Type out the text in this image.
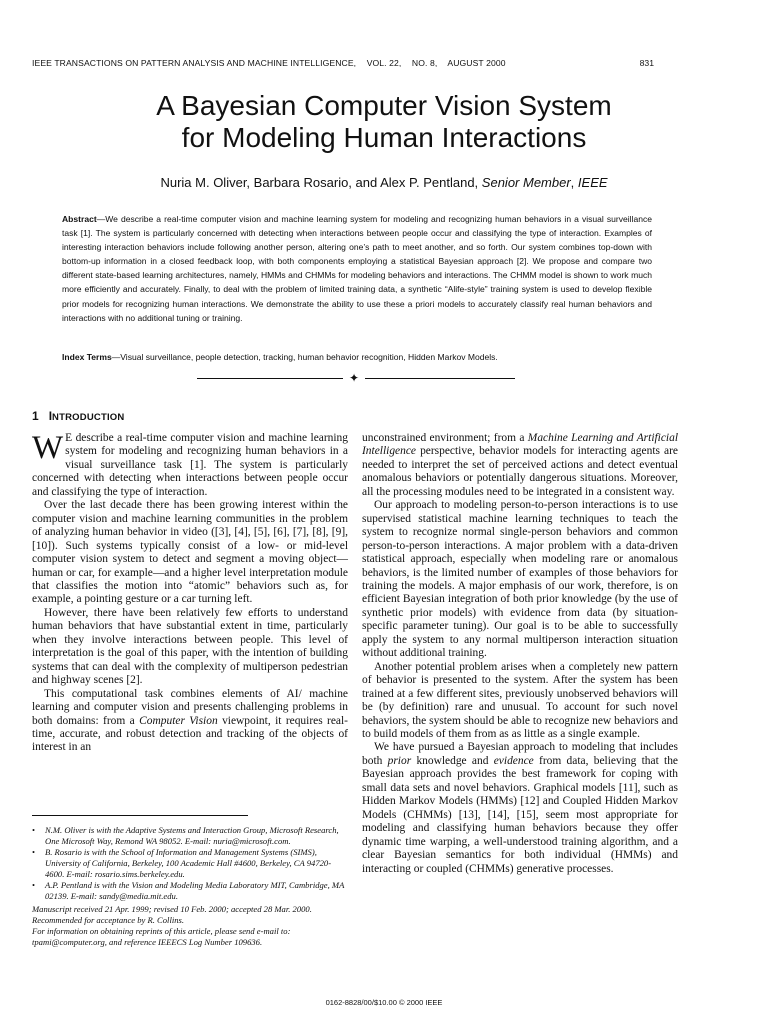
IEEE TRANSACTIONS ON PATTERN ANALYSIS AND MACHINE INTELLIGENCE, VOL. 22, NO. 8, AUGUST 2000	831
A Bayesian Computer Vision System
for Modeling Human Interactions
Nuria M. Oliver, Barbara Rosario, and Alex P. Pentland, Senior Member, IEEE

Abstract—We describe a real-time computer vision and machine learning system for modeling and recognizing human behaviors in a visual surveillance task [1]. The system is particularly concerned with detecting when interactions between people occur and classifying the type of interaction. Examples of interesting interaction behaviors include following another person, altering one’s path to meet another, and so forth. Our system combines top-down with bottom-up information in a closed feedback loop, with both components employing a statistical Bayesian approach [2]. We propose and compare two different state-based learning architectures, namely, HMMs and CHMMs for modeling behaviors and interactions. The CHMM model is shown to work much more efficiently and accurately. Finally, to deal with the problem of limited training data, a synthetic “Alife-style” training system is used to develop flexible prior models for recognizing human interactions. We demonstrate the ability to use these a priori models to accurately classify real human behaviors and interactions with no additional tuning or training.

Index Terms—Visual surveillance, people detection, tracking, human behavior recognition, Hidden Markov Models.

✦
1 INTRODUCTION

W E describe a real-time computer vision and machine learning system for modeling and recognizing human behaviors in a visual surveillance task [1]. The system is particularly concerned with detecting when interactions between people occur and classifying the type of interaction.

Over the last decade there has been growing interest within the computer vision and machine learning communities in the problem of analyzing human behavior in video ([3], [4], [5], [6], [7], [8], [9], [10]). Such systems typically consist of a low- or mid-level computer vision system to detect and segment a moving object—human or car, for example—and a higher level interpretation module that classifies the motion into “atomic” behaviors such as, for example, a pointing gesture or a car turning left.

However, there have been relatively few efforts to understand human behaviors that have substantial extent in time, particularly when they involve interactions between people. This level of interpretation is the goal of this paper, with the intention of building systems that can deal with the complexity of multiperson pedestrian and highway scenes [2].

This computational task combines elements of AI/ machine learning and computer vision and presents challenging problems in both domains: from a Computer Vision viewpoint, it requires real-time, accurate, and robust detection and tracking of the objects of interest in an

unconstrained environment; from a Machine Learning and Artificial Intelligence perspective, behavior models for interacting agents are needed to interpret the set of perceived actions and detect eventual anomalous behaviors or potentially dangerous situations. Moreover, all the processing modules need to be integrated in a consistent way.

Our approach to modeling person-to-person interactions is to use supervised statistical machine learning techniques to teach the system to recognize normal single-person behaviors and common person-to-person interactions. A major problem with a data-driven statistical approach, especially when modeling rare or anomalous behaviors, is the limited number of examples of those behaviors for training the models. A major emphasis of our work, therefore, is on efficient Bayesian integration of both prior knowledge (by the use of synthetic prior models) with evidence from data (by situation-specific parameter tuning). Our goal is to be able to successfully apply the system to any normal multiperson interaction situation without additional training.

Another potential problem arises when a completely new pattern of behavior is presented to the system. After the system has been trained at a few different sites, previously unobserved behaviors will be (by definition) rare and unusual. To account for such novel behaviors, the system should be able to recognize new behaviors and to build models of them from as as little as a single example.

We have pursued a Bayesian approach to modeling that includes both prior knowledge and evidence from data, believing that the Bayesian approach provides the best framework for coping with small data sets and novel behaviors. Graphical models [11], such as Hidden Markov Models (HMMs) [12] and Coupled Hidden Markov Models (CHMMs) [13], [14], [15], seem most appropriate for modeling and classifying human behaviors because they offer dynamic time warping, a well-understood training algorithm, and a clear Bayesian semantics for both individual (HMMs) and interacting or coupled (CHMMs) generative processes.

• N.M. Oliver is with the Adaptive Systems and Interaction Group, Microsoft Research, One Microsoft Way, Remond WA 98052. E-mail: nuria@microsoft.com.
• B. Rosario is with the School of Information and Management Systems (SIMS), University of California, Berkeley, 100 Academic Hall #4600, Berkeley, CA 94720-4600. E-mail: rosario.sims.berkeley.edu.
• A.P. Pentland is with the Vision and Modeling Media Laboratory MIT, Cambridge, MA 02139. E-mail: sandy@media.mit.edu.

Manuscript received 21 Apr. 1999; revised 10 Feb. 2000; accepted 28 Mar. 2000.

Recommended for acceptance by R. Collins.

For information on obtaining reprints of this article, please send e-mail to: tpami@computer.org, and reference IEEECS Log Number 109636.

0162-8828/00/$10.00 © 2000 IEEE
